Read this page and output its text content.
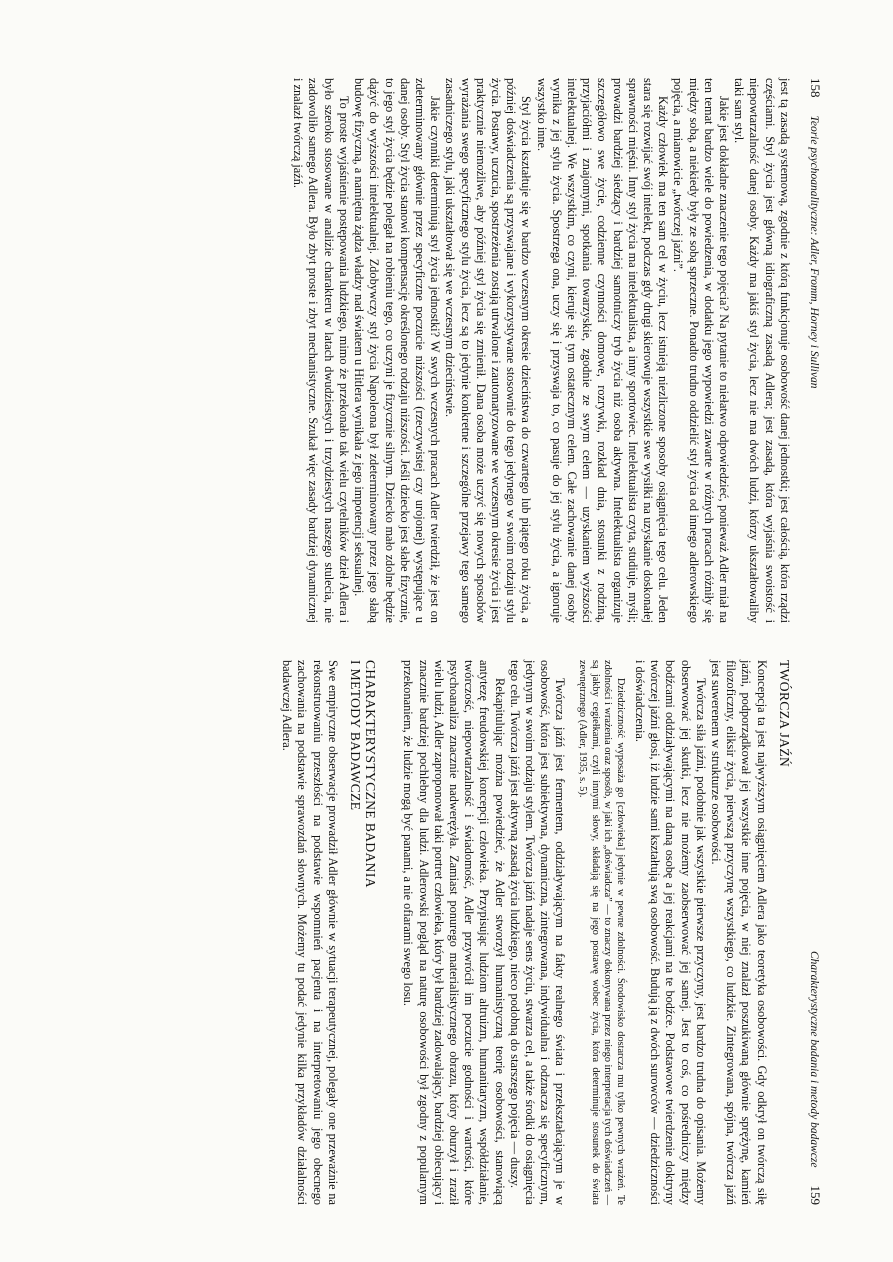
158
Teorie psychoanalityczne: Adler, Fromm, Horney i Sullivan

jest tą zasadą systemową, zgodnie z którą funkcjonuje osobowość danej jednostki; jest całością, która rządzi częściami. Styl życia jest główną idiograficzną zasadą Adlera; jest zasadą, która wyjaśnia swoistość i niepowtarzalność danej osoby. Każdy ma jakiś styl życia, lecz nie ma dwóch ludzi, którzy ukształtowaliby taki sam styl.

Jakie jest dokładne znaczenie tego pojęcia? Na pytanie to niełatwo odpowiedzieć, ponieważ Adler miał na ten temat bardzo wiele do powiedzenia, w dodatku jego wypowiedzi zawarte w różnych pracach różniły się między sobą, a niekiedy były ze sobą sprzeczne. Ponadto trudno oddzielić styl życia od innego adlerowskiego pojęcia, a mianowicie „twórczej jaźni”.

Każdy człowiek ma ten sam cel w życiu, lecz istnieją niezliczone sposoby osiągnięcia tego celu. Jeden stara się rozwijać swój intelekt, podczas gdy drugi skierowuje wszystkie swe wysiłki na uzyskanie doskonałej sprawności mięśni. Inny styl życia ma intelektualista, a inny sportowiec. Intelektualista czyta, studiuje, myśli; prowadzi bardziej siedzący i bardziej samotniczy tryb życia niż osoba aktywna. Intelektualista organizuje szczegółowo swe życie, codzienne czynności domowe, rozrywki, rozkład dnia, stosunki z rodziną, przyjaciółmi i znajomymi, spotkania towarzyskie, zgodnie ze swym celem — uzyskaniem wyższości intelektualnej. We wszystkim, co czyni, kieruje się tym ostatecznym celem. Całe zachowanie danej osoby wynika z jej stylu życia. Spostrzega ona, uczy się i przyswaja to, co pasuje do jej stylu życia, a ignoruje wszystko inne.

Styl życia kształtuje się w bardzo wczesnym okresie dzieciństwa do czwartego lub piątego roku życia, a później doświadczenia są przyswajane i wykorzystywane stosownie do tego jedynego w swoim rodzaju stylu życia. Postawy, uczucia, spostrzeżenia zostają utrwalone i zautomatyzowane we wczesnym okresie życia i jest praktycznie niemożliwe, aby później styl życia się zmienił. Dana osoba może uczyć się nowych sposobów wyrażania swego specyficznego stylu życia, lecz są to jedynie konkretne i szczególne przejawy tego samego zasadniczego stylu, jaki ukształtował się we wczesnym dzieciństwie.

Jakie czynniki determinują styl życia jednostki? W swych wczesnych pracach Adler twierdził, że jest on zdeterminowany głównie przez specyficzne poczucie niższości (rzeczywistej czy urojonej) występujące u danej osoby. Styl życia stanowi kompensację określonego rodzaju niższości. Jeśli dziecko jest słabe fizycznie, to jego styl życia będzie polegał na robieniu tego, co uczyni je fizycznie silnym. Dziecko mało zdolne będzie dążyć do wyższości intelektualnej. Zdobywczy styl życia Napoleona był zdeterminowany przez jego słabą budowę fizyczną, a namiętna żądza władzy nad światem u Hitlera wynikała z jego impotencji seksualnej.

To proste wyjaśnienie postępowania ludzkiego, mimo że przekonało tak wielu czytelników dzieł Adlera i było szeroko stosowane w analizie charakteru w latach dwudziestych i trzydziestych naszego stulecia, nie zadowoliło samego Adlera. Było zbyt proste i zbyt mechanistyczne. Szukał więc zasady bardziej dynamicznej i znalazł twórczą jaźń.

Charakterystyczne badania i metody badawcze
159
TWÓRCZA JAŹŃ

Koncepcja ta jest najwyższym osiągnięciem Adlera jako teoretyka osobowości. Gdy odkrył on twórczą siłę jaźni, podporządkował jej wszystkie inne pojęcia, w niej znalazł poszukiwaną głównie sprężynę, kamień filozoficzny, eliksir życia, pierwszą przyczynę wszystkiego, co ludzkie. Zintegrowana, spójna, twórcza jaźń jest suwerenem w strukturze osobowości.

Twórcza siła jaźni, podobnie jak wszystkie pierwsze przyczyny, jest bardzo trudna do opisania. Możemy obserwować jej skutki, lecz nie możemy zaobserwować jej samej. Jest to coś, co pośredniczy między bodźcami oddziaływającymi na daną osobę a jej reakcjami na te bodźce. Podstawowe twierdzenie doktryny twórczej jaźni głosi, iż ludzie sami kształtują swą osobowość. Budują ją z dwóch surowców — dziedziczności i doświadczenia.

Dziedziczność wyposaża go [człowieka] jedynie w pewne zdolności. Środowisko dostarcza mu tylko pewnych wrażeń. Te zdolności i wrażenia oraz sposób, w jaki ich „doświadcza” — to znaczy dokonywana przez niego interpretacja tych doświadczeń — są jakby cegiełkami, czyli innymi słowy, składają się na jego postawę wobec życia, która determinuje stosunek do świata zewnętrznego (Adler, 1935, s. 5).

Twórcza jaźń jest fermentem, oddziaływającym na fakty realnego świata i przekształcającym je w osobowość, która jest subiektywna, dynamiczna, zintegrowana, indywidualna i odznacza się specyficznym, jedynym w swoim rodzaju stylem. Twórcza jaźń nadaje sens życiu, stwarza cel, a także środki do osiągnięcia tego celu. Twórcza jaźń jest aktywną zasadą życia ludzkiego, nieco podobną do starszego pojęcia — duszy.

Rekapitulując można powiedzieć, że Adler stworzył humanistyczną teorię osobowości, stanowiącą antytezę freudowskiej koncepcji człowieka. Przypisując ludziom altruizm, humanitaryzm, współdziałanie, twórczość, niepowtarzalność i świadomość, Adler przywrócił im poczucie godności i wartości, które psychoanaliza znacznie nadwerężyła. Zamiast ponurego materialistycznego obrazu, który oburzył i zraził wielu ludzi, Adler zaproponował taki portret człowieka, który był bardziej zadowalający, bardziej obiecujący i znacznie bardziej pochlebny dla ludzi. Adlerowski pogląd na naturę osobowości był zgodny z popularnym przekonaniem, że ludzie mogą być panami, a nie ofiarami swego losu.

CHARAKTERYSTYCZNE BADANIA
I METODY BADAWCZE

Swe empiryczne obserwacje prowadził Adler głównie w sytuacji terapeutycznej, polegały one przeważnie na rekonstruowaniu przeszłości na podstawie wspomnień pacjenta i na interpretowaniu jego obecnego zachowania na podstawie sprawozdań słownych. Możemy tu podać jedynie kilka przykładów działalności badawczej Adlera.
